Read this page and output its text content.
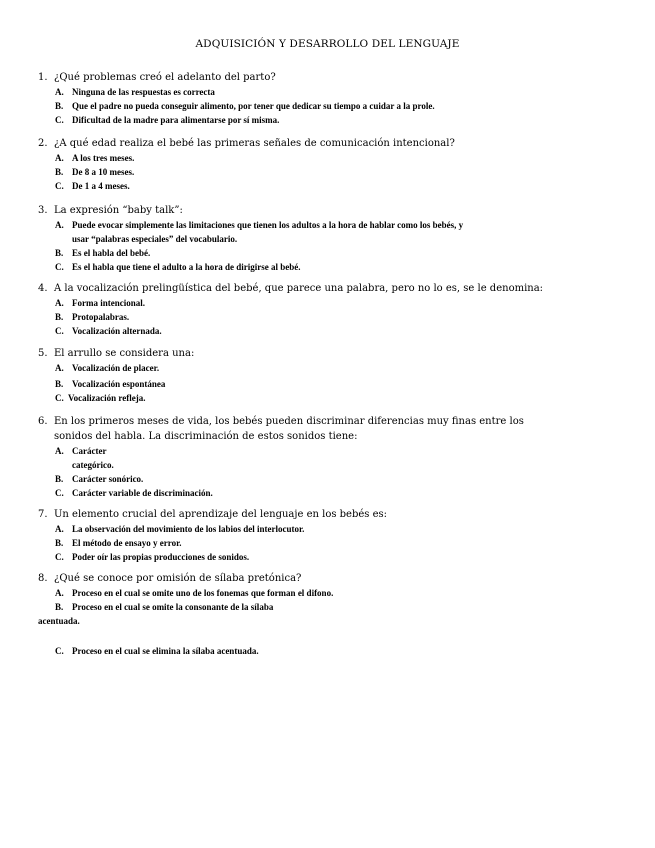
ADQUISICIÓN Y DESARROLLO DEL LENGUAJE
1. ¿Qué problemas creó el adelanto del parto?
A. Ninguna de las respuestas es correcta
B. Que el padre no pueda conseguir alimento, por tener que dedicar su tiempo a cuidar a la prole.
C. Dificultad de la madre para alimentarse por sí misma.
2. ¿A qué edad realiza el bebé las primeras señales de comunicación intencional?
A. A los tres meses.
B. De 8 a 10 meses.
C. De 1 a 4 meses.
3. La expresión “baby talk”:
A. Puede evocar simplemente las limitaciones que tienen los adultos a la hora de hablar como los bebés, y
usar “palabras especiales” del vocabulario.
B. Es el habla del bebé.
C. Es el habla que tiene el adulto a la hora de dirigirse al bebé.
4. A la vocalización prelingüística del bebé, que parece una palabra, pero no lo es, se le denomina:
A. Forma intencional.
B. Protopalabras.
C. Vocalización alternada.
5. El arrullo se considera una:
A. Vocalización de placer.
B. Vocalización espontánea
C. Vocalización refleja.
6. En los primeros meses de vida, los bebés pueden discriminar diferencias muy finas entre los
sonidos del habla. La discriminación de estos sonidos tiene:
A. Carácter
categórico.
B. Carácter sonórico.
C. Carácter variable de discriminación.
7. Un elemento crucial del aprendizaje del lenguaje en los bebés es:
A. La observación del movimiento de los labios del interlocutor.
B. El método de ensayo y error.
C. Poder oír las propias producciones de sonidos.
8. ¿Qué se conoce por omisión de sílaba pretónica?
A. Proceso en el cual se omite uno de los fonemas que forman el difono.
B. Proceso en el cual se omite la consonante de la sílaba
acentuada.
C. Proceso en el cual se elimina la sílaba acentuada.
